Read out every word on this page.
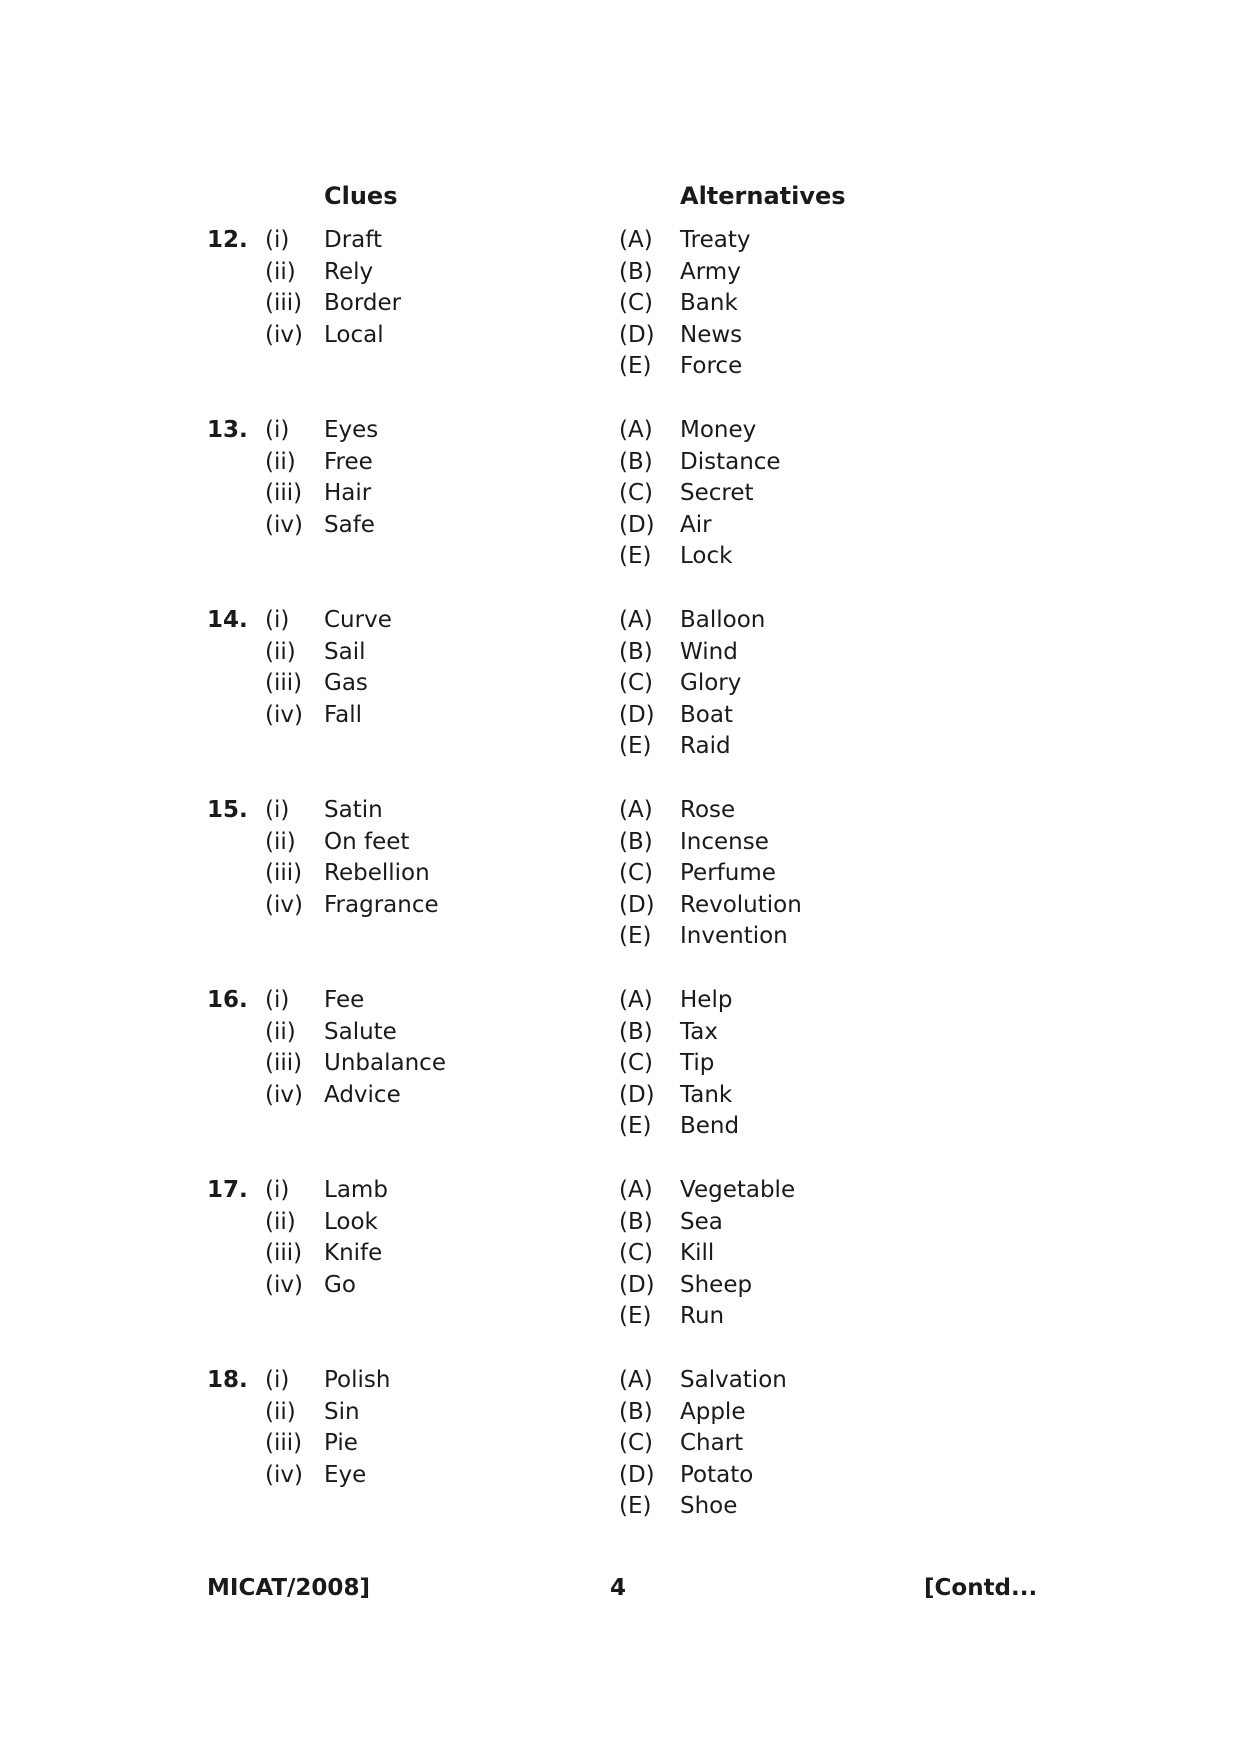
Clues	Alternatives
12. (i) Draft	(A) Treaty
(ii) Rely	(B) Army
(iii) Border	(C) Bank
(iv) Local	(D) News
(E) Force
13. (i) Eyes	(A) Money
(ii) Free	(B) Distance
(iii) Hair	(C) Secret
(iv) Safe	(D) Air
(E) Lock
14. (i) Curve	(A) Balloon
(ii) Sail	(B) Wind
(iii) Gas	(C) Glory
(iv) Fall	(D) Boat
(E) Raid
15. (i) Satin	(A) Rose
(ii) On feet	(B) Incense
(iii) Rebellion	(C) Perfume
(iv) Fragrance	(D) Revolution
(E) Invention
16. (i) Fee	(A) Help
(ii) Salute	(B) Tax
(iii) Unbalance	(C) Tip
(iv) Advice	(D) Tank
(E) Bend
17. (i) Lamb	(A) Vegetable
(ii) Look	(B) Sea
(iii) Knife	(C) Kill
(iv) Go	(D) Sheep
(E) Run
18. (i) Polish	(A) Salvation
(ii) Sin	(B) Apple
(iii) Pie	(C) Chart
(iv) Eye	(D) Potato
(E) Shoe
MICAT/2008]	4	[Contd...
